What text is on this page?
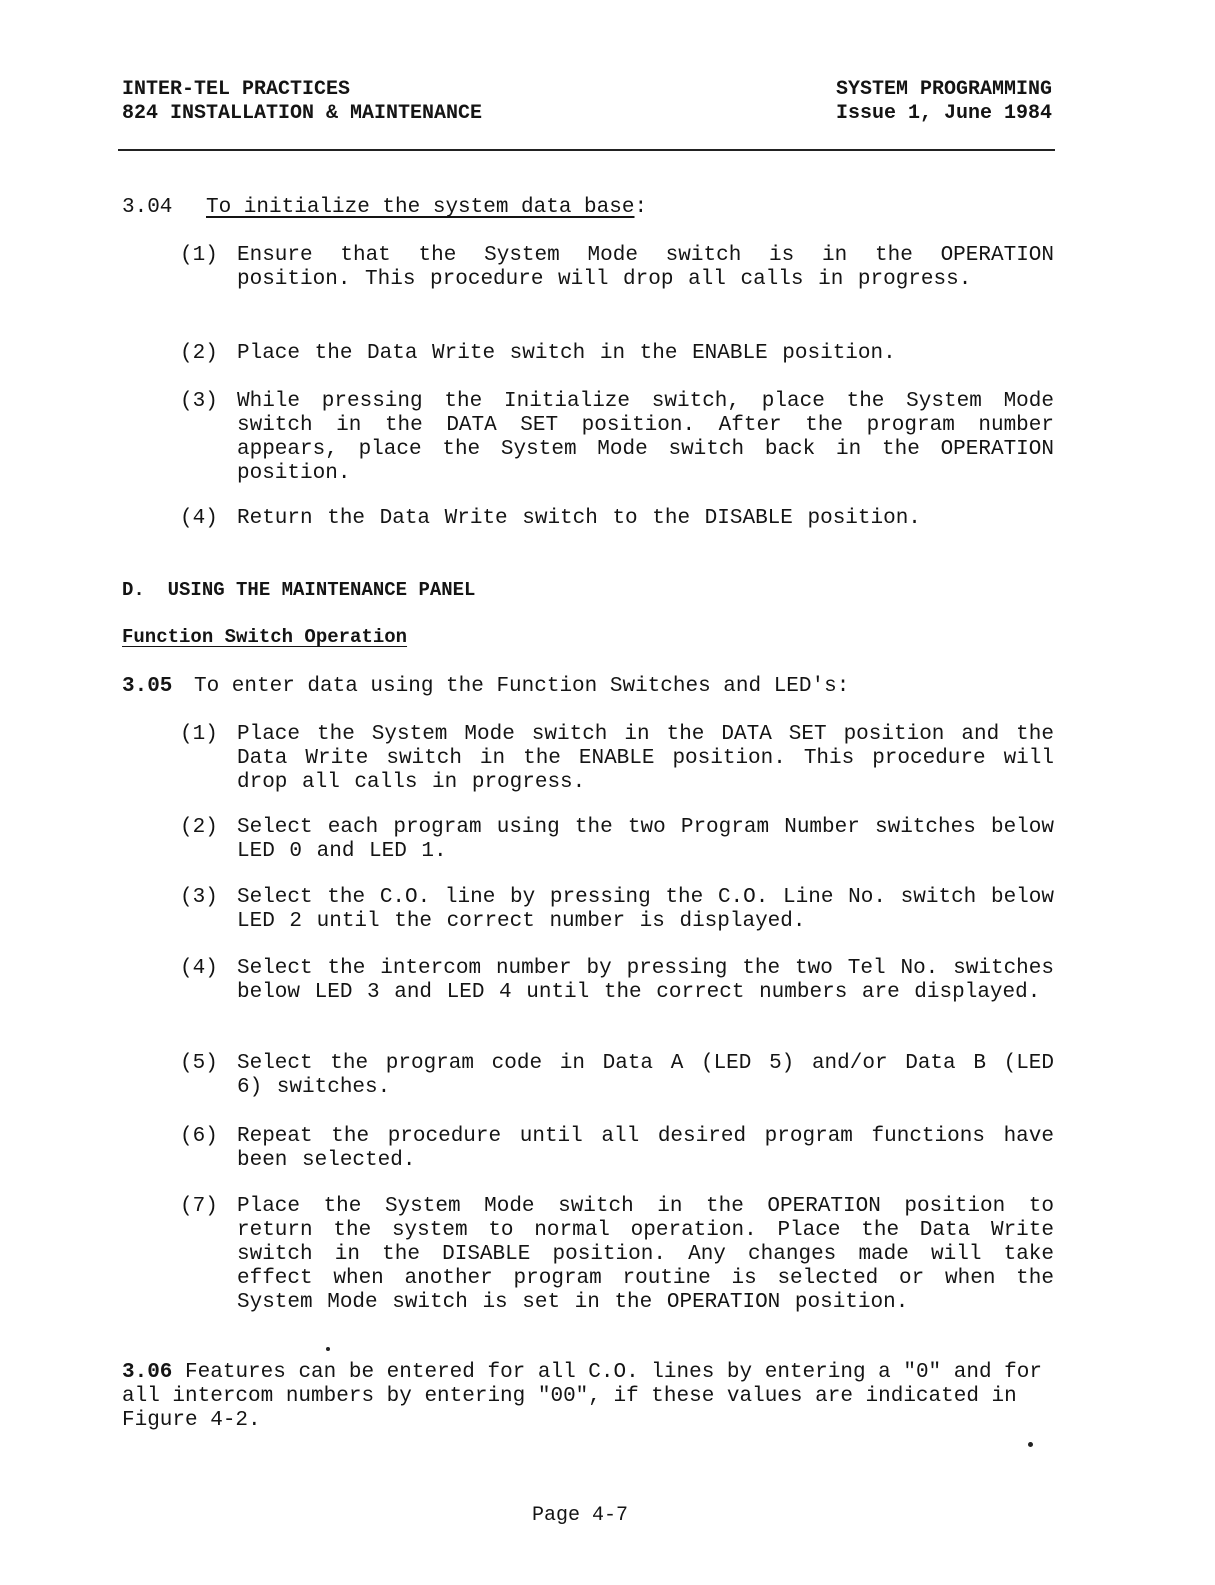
INTER-TEL PRACTICES
824 INSTALLATION & MAINTENANCE
SYSTEM PROGRAMMING
Issue 1, June 1984
3.04 To initialize the system data base:
(1) Ensure that the System Mode switch is in the OPERATION position. This procedure will drop all calls in progress.
(2) Place the Data Write switch in the ENABLE position.
(3) While pressing the Initialize switch, place the System Mode switch in the DATA SET position. After the program number appears, place the System Mode switch back in the OPERATION position.
(4) Return the Data Write switch to the DISABLE position.
D.  USING THE MAINTENANCE PANEL
Function Switch Operation
3.05 To enter data using the Function Switches and LED's:
(1) Place the System Mode switch in the DATA SET position and the Data Write switch in the ENABLE position. This procedure will drop all calls in progress.
(2) Select each program using the two Program Number switches below LED 0 and LED 1.
(3) Select the C.O. line by pressing the C.O. Line No. switch below LED 2 until the correct number is displayed.
(4) Select the intercom number by pressing the two Tel No. switches below LED 3 and LED 4 until the correct numbers are displayed.
(5) Select the program code in Data A (LED 5) and/or Data B (LED 6) switches.
(6) Repeat the procedure until all desired program functions have been selected.
(7) Place the System Mode switch in the OPERATION position to return the system to normal operation. Place the Data Write switch in the DISABLE position. Any changes made will take effect when another program routine is selected or when the System Mode switch is set in the OPERATION position.
3.06 Features can be entered for all C.O. lines by entering a "0" and for all intercom numbers by entering "00", if these values are indicated in Figure 4-2.
Page 4-7
